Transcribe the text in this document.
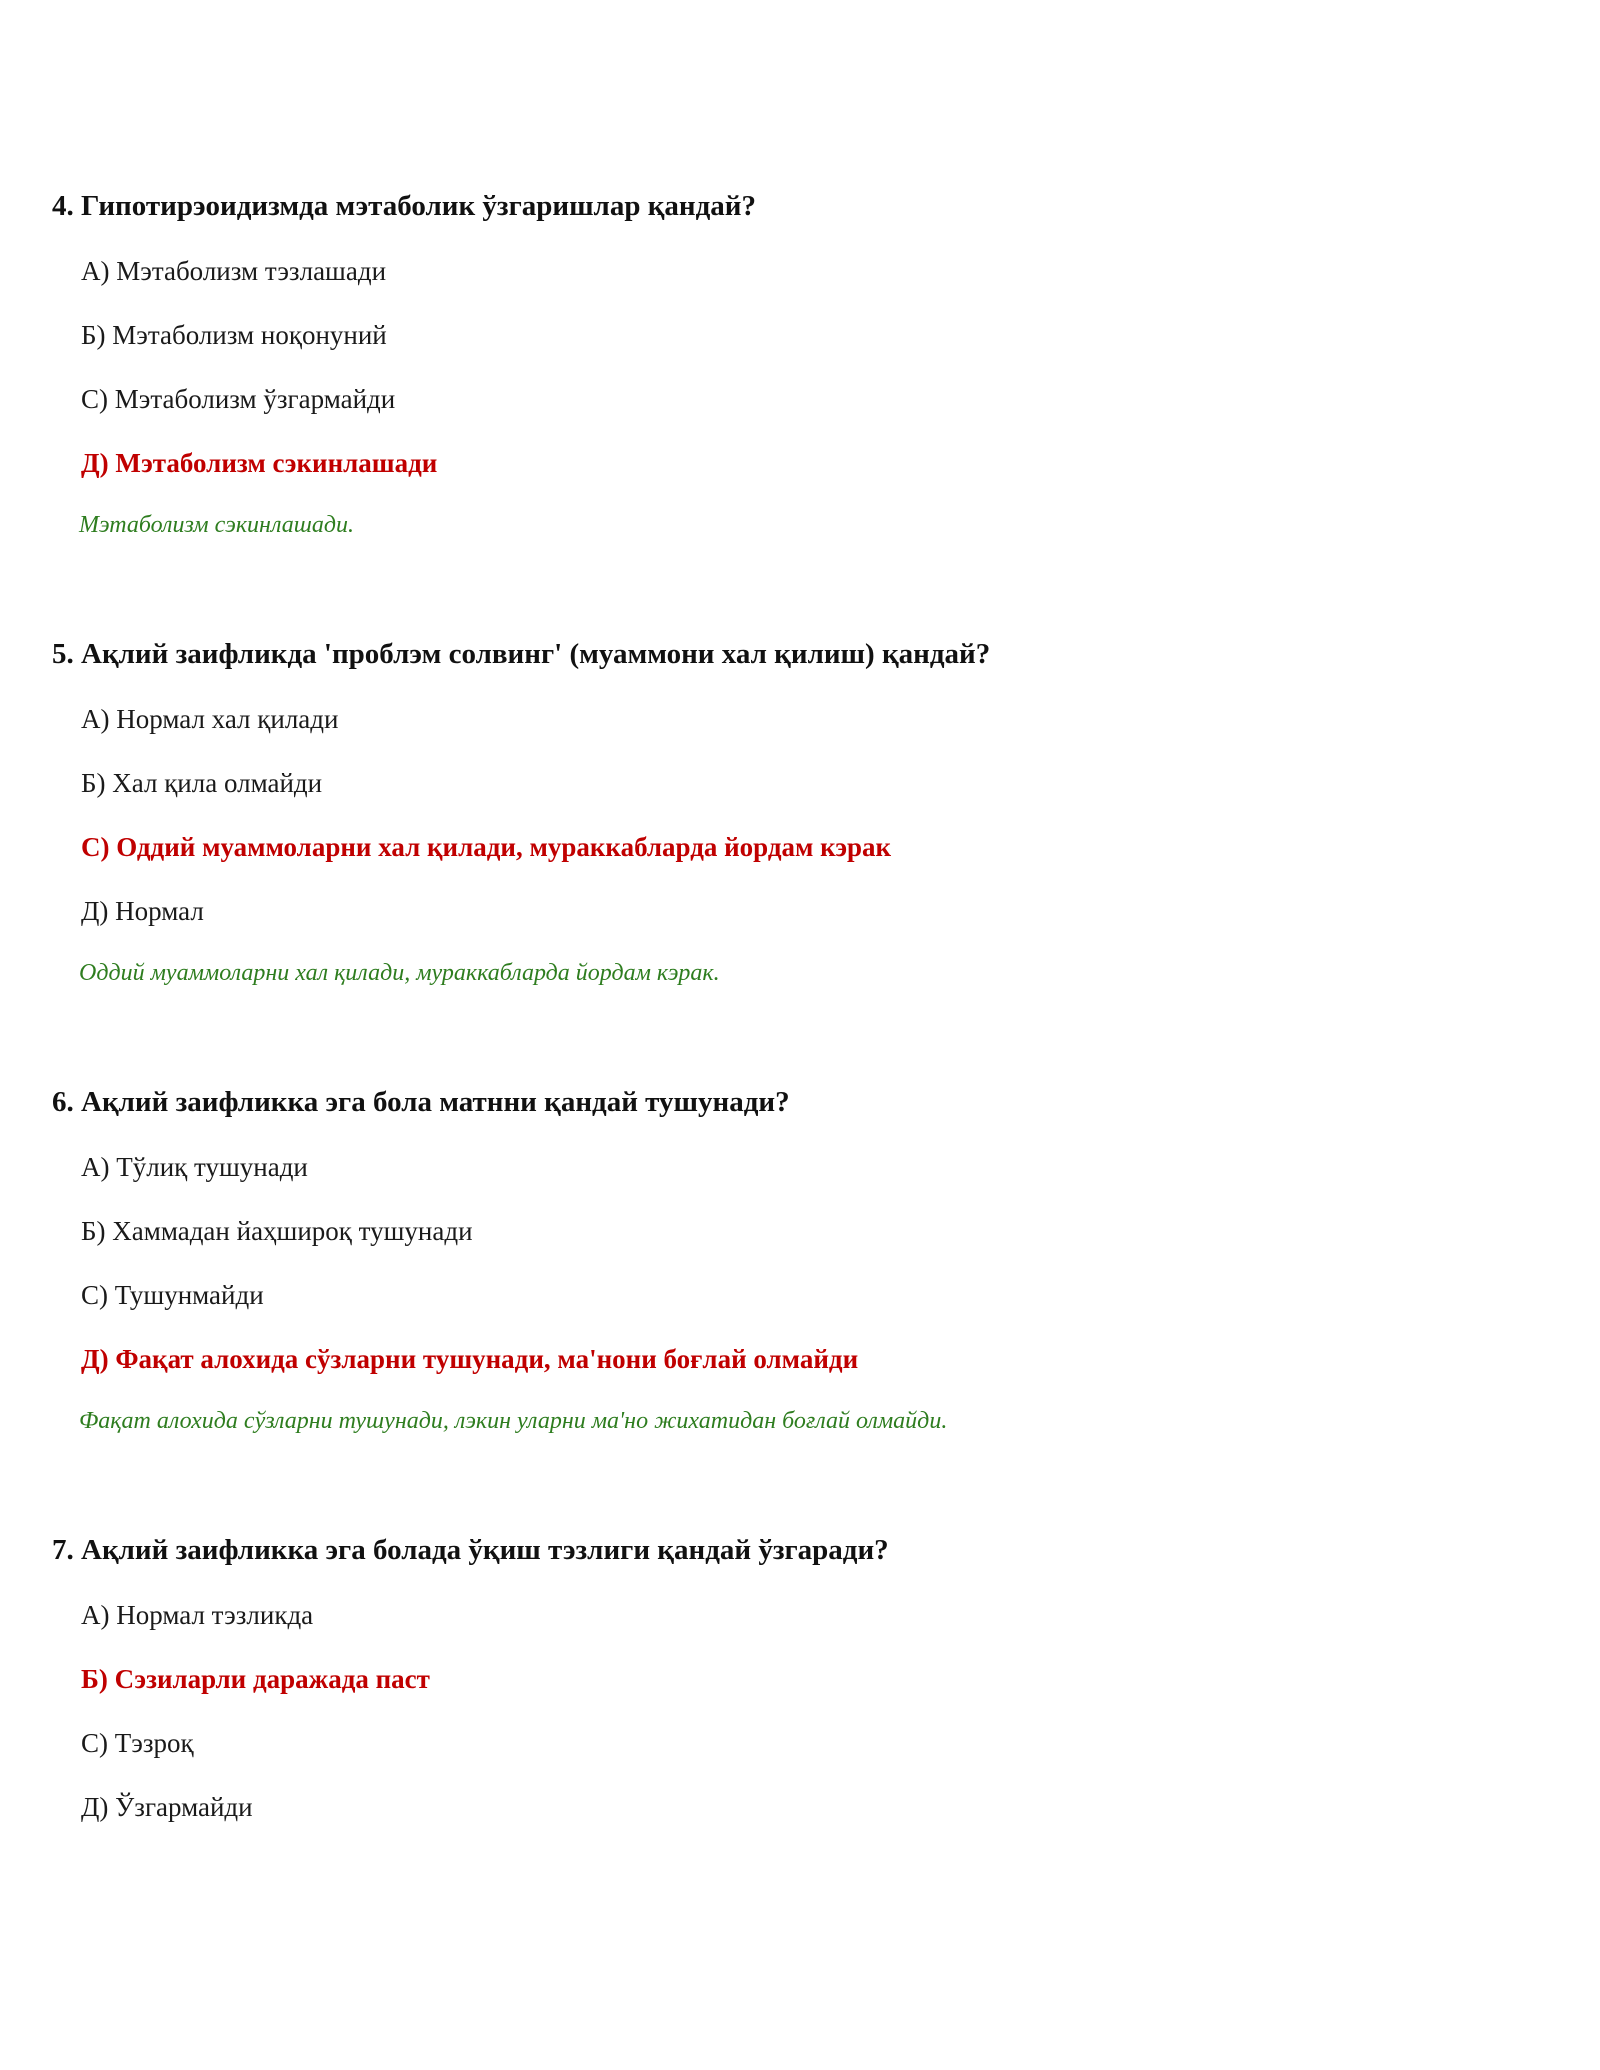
4. Гипотирэоидизмда мэтаболик ўзгаришлар қандай?
А) Мэтаболизм тэзлашади
Б) Мэтаболизм ноқонуний
С) Мэтаболизм ўзгармайди
Д) Мэтаболизм сэкинлашади
Мэтаболизм сэкинлашади.
5. Ақлий заифликда 'проблэм солвинг' (муаммони хал қилиш) қандай?
А) Нормал хал қилади
Б) Хал қила олмайди
С) Оддий муаммоларни хал қилади, мураккабларда йордам кэрак
Д) Нормал
Оддий муаммоларни хал қилади, мураккабларда йордам кэрак.
6. Ақлий заифликка эга бола матнни қандай тушунади?
А) Тўлиқ тушунади
Б) Хаммадан йаҳшироқ тушунади
С) Тушунмайди
Д) Фақат алохида сўзларни тушунади, ма'нони боғлай олмайди
Фақат алохида сўзларни тушунади, лэкин уларни ма'но жихатидан боғлай олмайди.
7. Ақлий заифликка эга болада ўқиш тэзлиги қандай ўзгаради?
А) Нормал тэзликда
Б) Сэзиларли даражада паст
С) Тэзроқ
Д) Ўзгармайди
